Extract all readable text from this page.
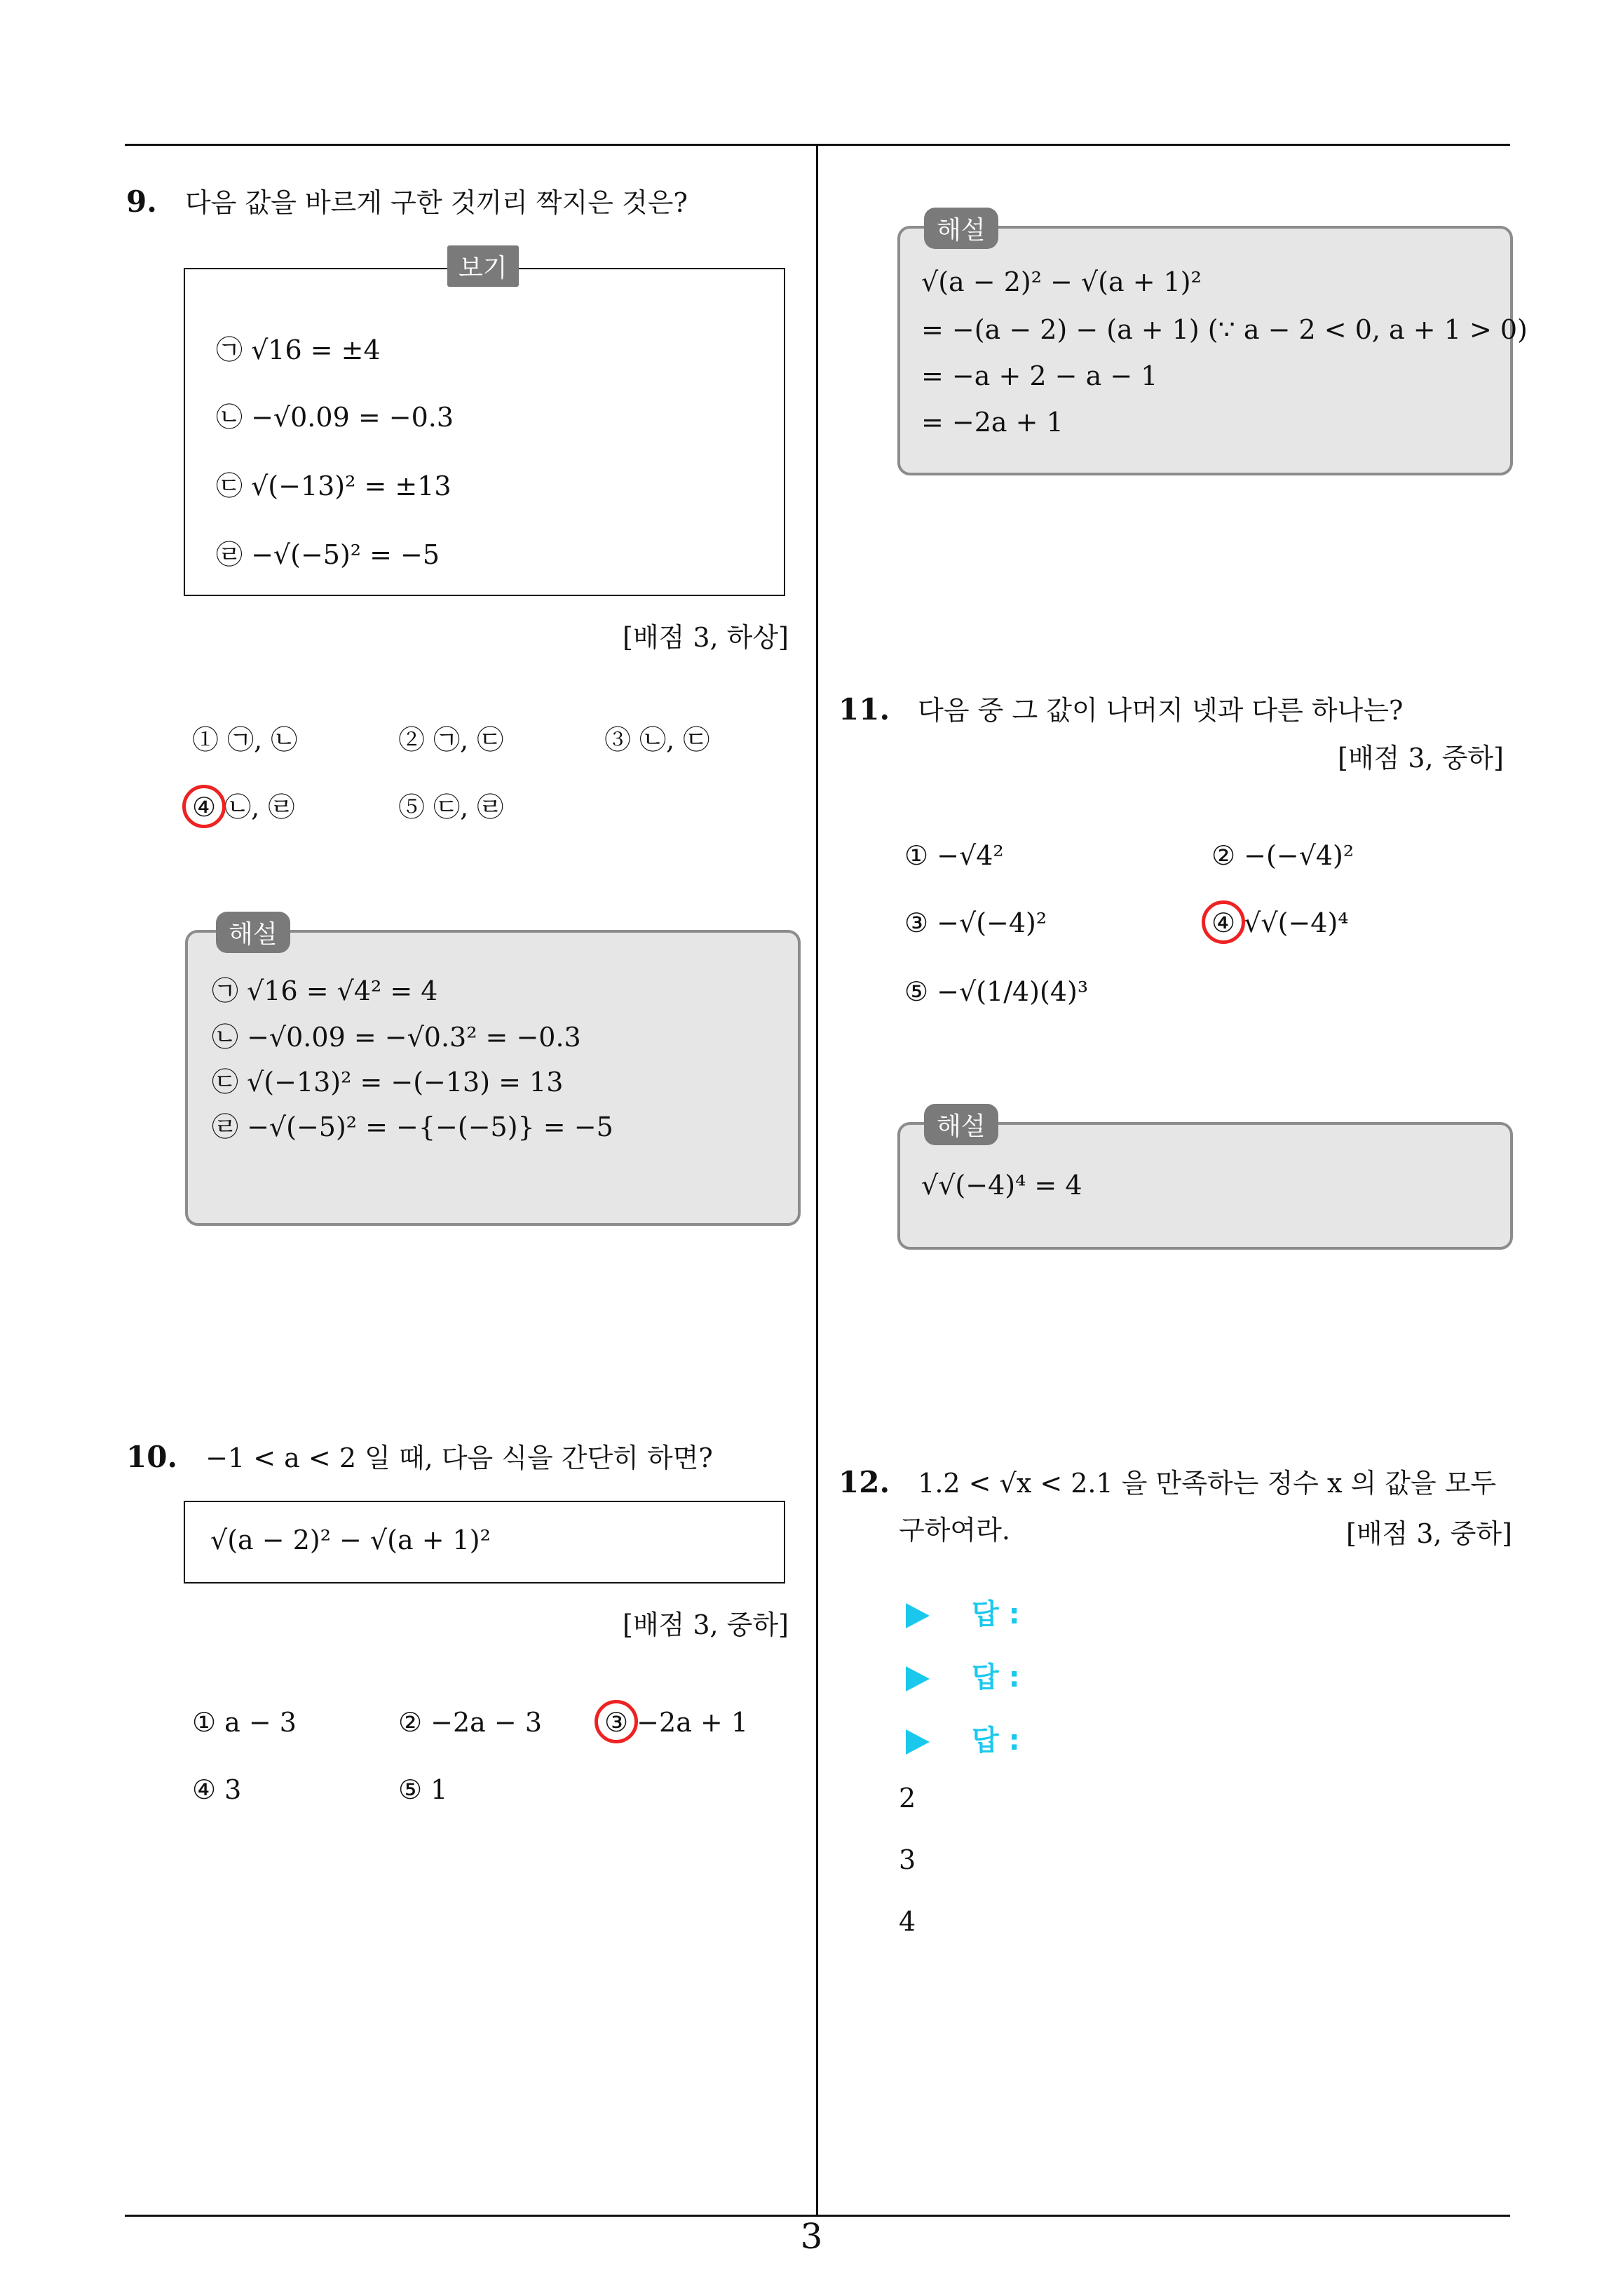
3
9. 다음 값을 바르게 구한 것끼리 짝지은 것은?
보기
㉠ √16 = ±4
㉡ −√0.09 = −0.3
㉢ √(−13)² = ±13
㉣ −√(−5)² = −5
[배점 3, 하상]
① ㉠, ㉡	② ㉠, ㉢	③ ㉡, ㉢
④ ㉡, ㉣	⑤ ㉢, ㉣
해설
㉠ √16 = √4² = 4
㉡ −√0.09 = −√0.3² = −0.3
㉢ √(−13)² = −(−13) = 13
㉣ −√(−5)² = −{−(−5)} = −5
10. −1 < a < 2 일 때, 다음 식을 간단히 하면?
√(a − 2)² − √(a + 1)²
[배점 3, 중하]
① a − 3	② −2a − 3 ③ −2a + 1
④ 3	⑤ 1
해설
√(a − 2)² − √(a + 1)²
= −(a − 2) − (a + 1) (∵ a − 2 < 0, a + 1 > 0)
= −a + 2 − a − 1
= −2a + 1
11. 다음 중 그 값이 나머지 넷과 다른 하나는?
[배점 3, 중하]
① −√4²	② −(−√4)²
③ −√(−4)²	④ √√(−4)⁴
⑤ −√(1/4)(4)³
해설
√√(−4)⁴ = 4
12. 1.2 < √x < 2.1 을 만족하는 정수 x 의 값을 모두
구하여라.	[배점 3, 중하]
답 :
답 :
답 :
2
3
4
